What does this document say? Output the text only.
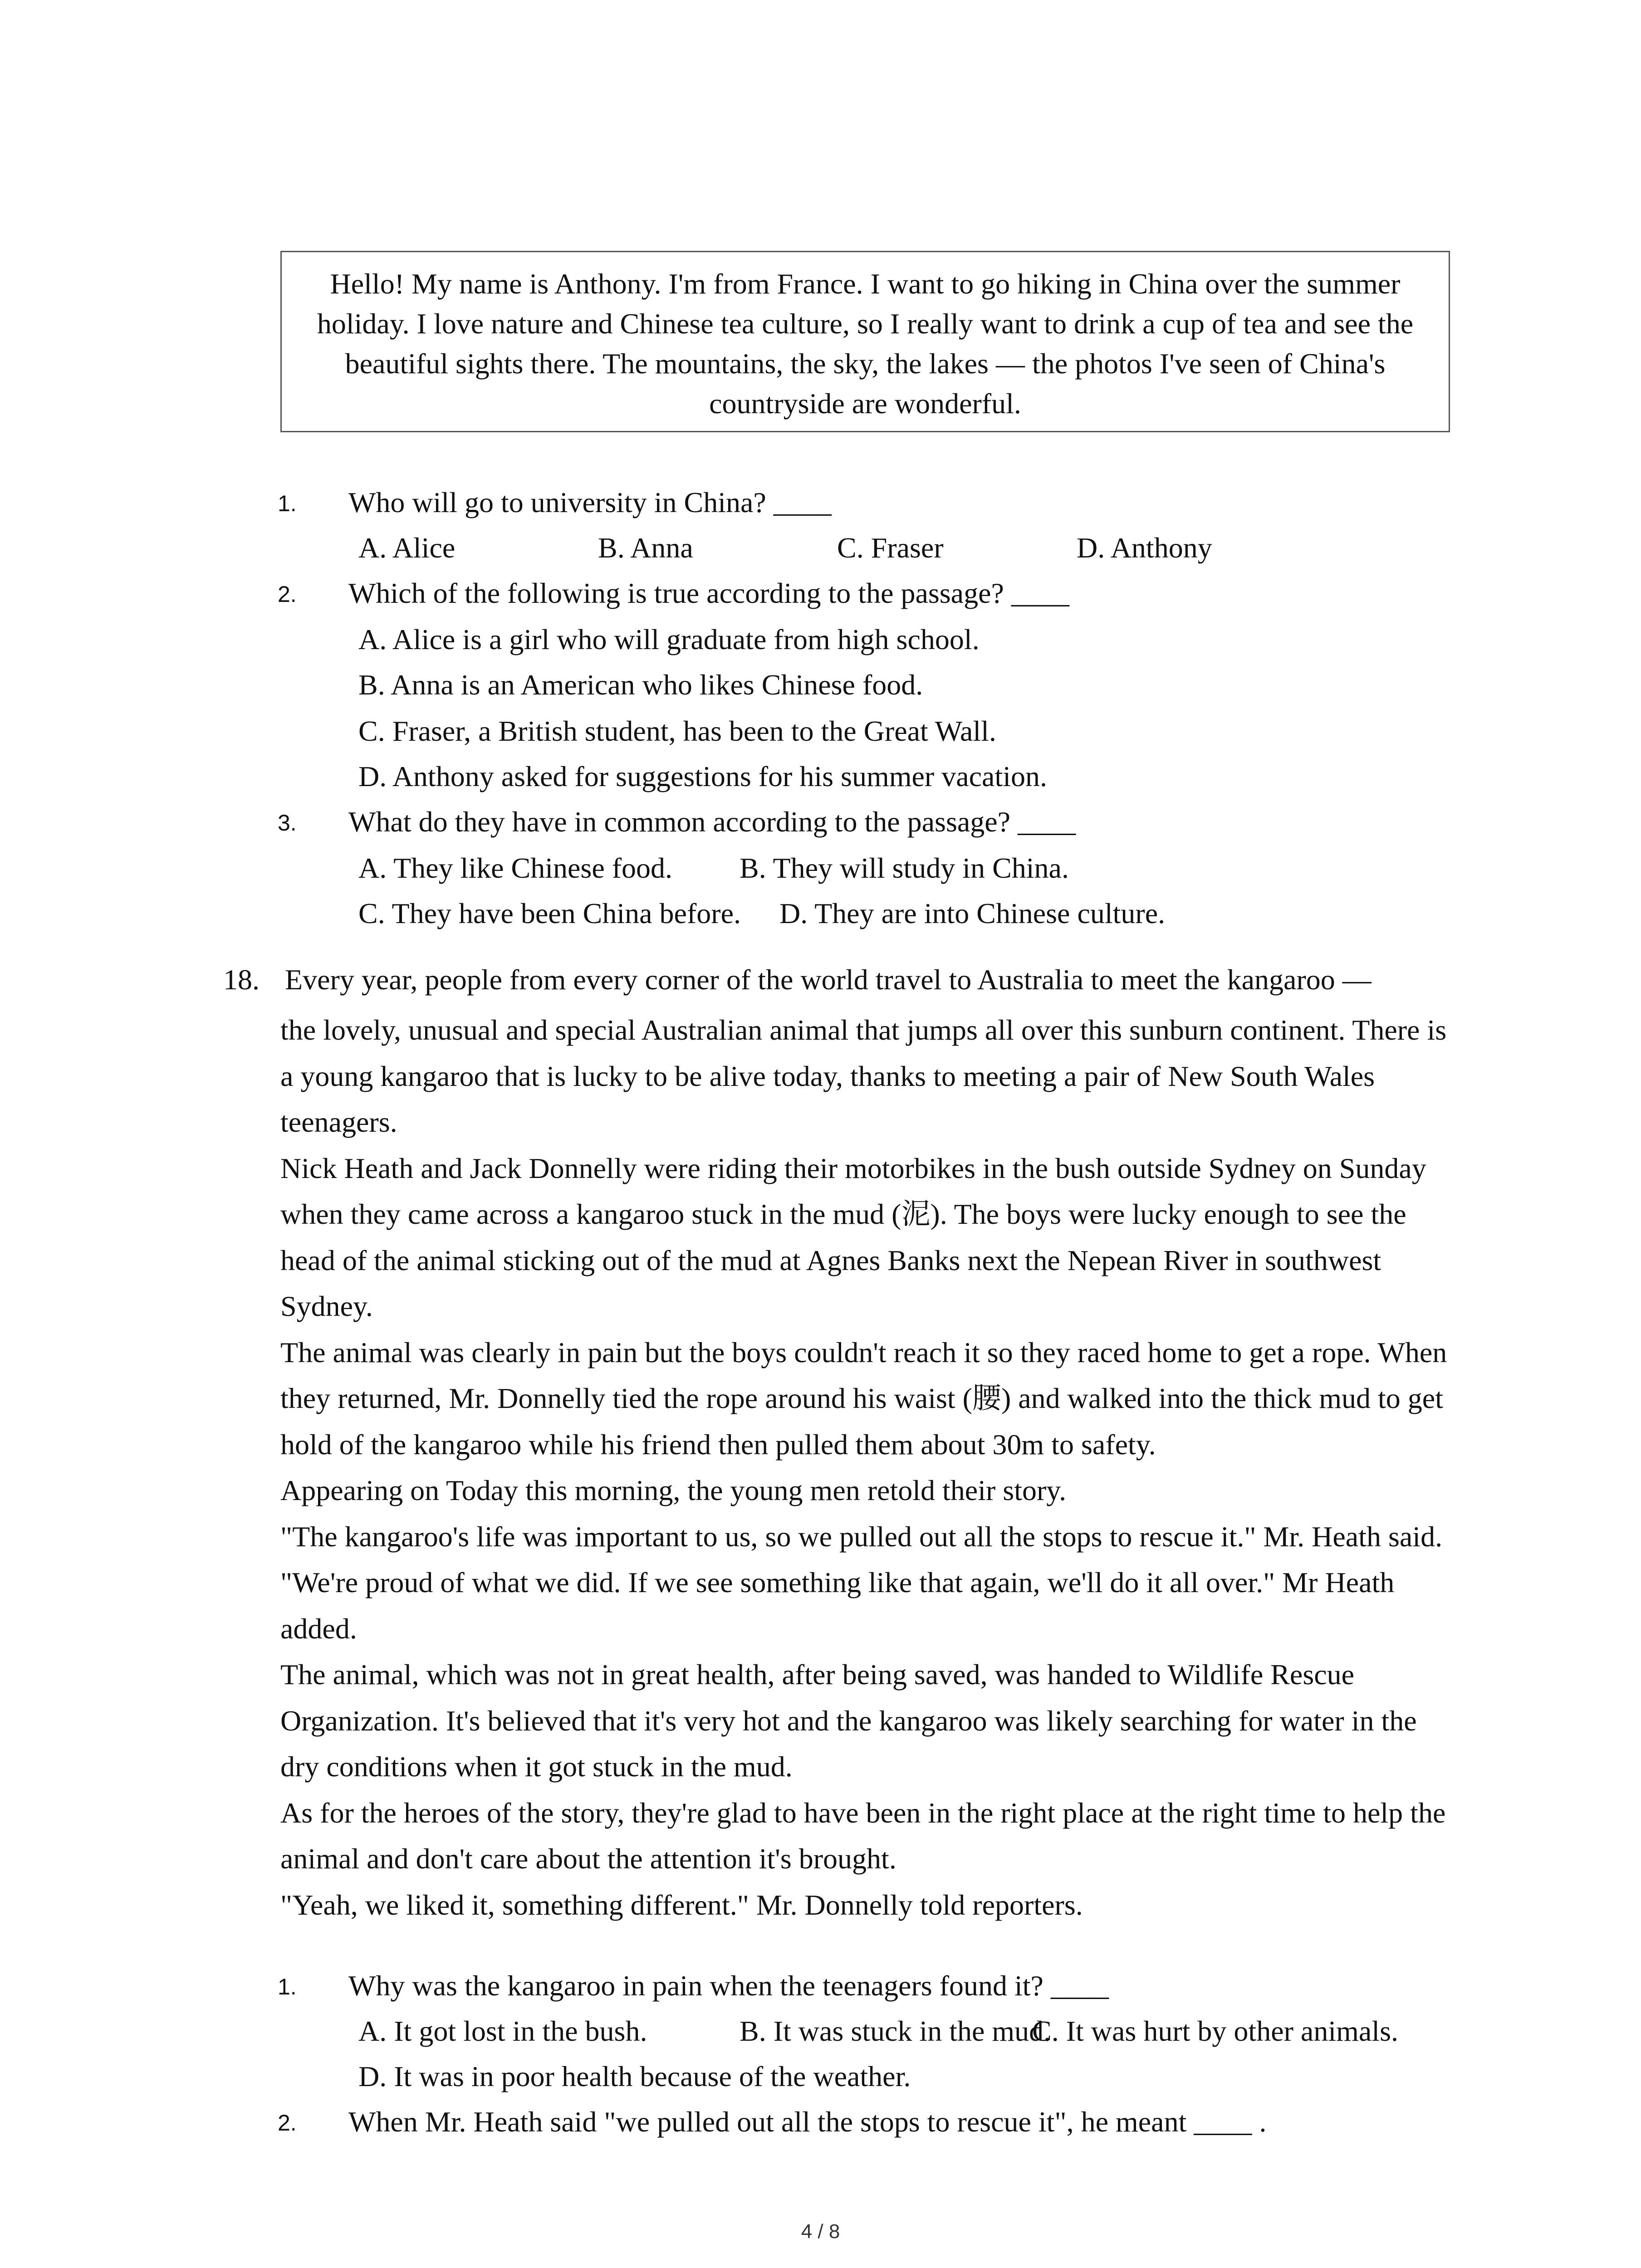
Hello! My name is Anthony. I'm from France. I want to go hiking in China over the summer holiday. I love nature and Chinese tea culture, so I really want to drink a cup of tea and see the beautiful sights there. The mountains, the sky, the lakes — the photos I've seen of China's countryside are wonderful.
1. Who will go to university in China? ____
A. Alice	B. Anna	C. Fraser	D. Anthony
2. Which of the following is true according to the passage? ____
A. Alice is a girl who will graduate from high school.
B. Anna is an American who likes Chinese food.
C. Fraser, a British student, has been to the Great Wall.
D. Anthony asked for suggestions for his summer vacation.
3. What do they have in common according to the passage? ____
A. They like Chinese food. B. They will study in China.
C. They have been China before. D. They are into Chinese culture.
18. Every year, people from every corner of the world travel to Australia to meet the kangaroo —

the lovely, unusual and special Australian animal that jumps all over this sunburn continent. There is a young kangaroo that is lucky to be alive today, thanks to meeting a pair of New South Wales teenagers.

Nick Heath and Jack Donnelly were riding their motorbikes in the bush outside Sydney on Sunday when they came across a kangaroo stuck in the mud (泥). The boys were lucky enough to see the head of the animal sticking out of the mud at Agnes Banks next the Nepean River in southwest Sydney.

The animal was clearly in pain but the boys couldn't reach it so they raced home to get a rope. When they returned, Mr. Donnelly tied the rope around his waist (腰) and walked into the thick mud to get hold of the kangaroo while his friend then pulled them about 30m to safety.

Appearing on Today this morning, the young men retold their story.

"The kangaroo's life was important to us, so we pulled out all the stops to rescue it." Mr. Heath said.

"We're proud of what we did. If we see something like that again, we'll do it all over." Mr Heath added.

The animal, which was not in great health, after being saved, was handed to Wildlife Rescue Organization. It's believed that it's very hot and the kangaroo was likely searching for water in the dry conditions when it got stuck in the mud.

As for the heroes of the story, they're glad to have been in the right place at the right time to help the animal and don't care about the attention it's brought.

"Yeah, we liked it, something different." Mr. Donnelly told reporters.

1. Why was the kangaroo in pain when the teenagers found it? ____
A. It got lost in the bush.	B. It was stuck in the mud.
C. It was hurt by other animals.
D. It was in poor health because of the weather.
2. When Mr. Heath said "we pulled out all the stops to rescue it", he meant ____ .
4 / 8
